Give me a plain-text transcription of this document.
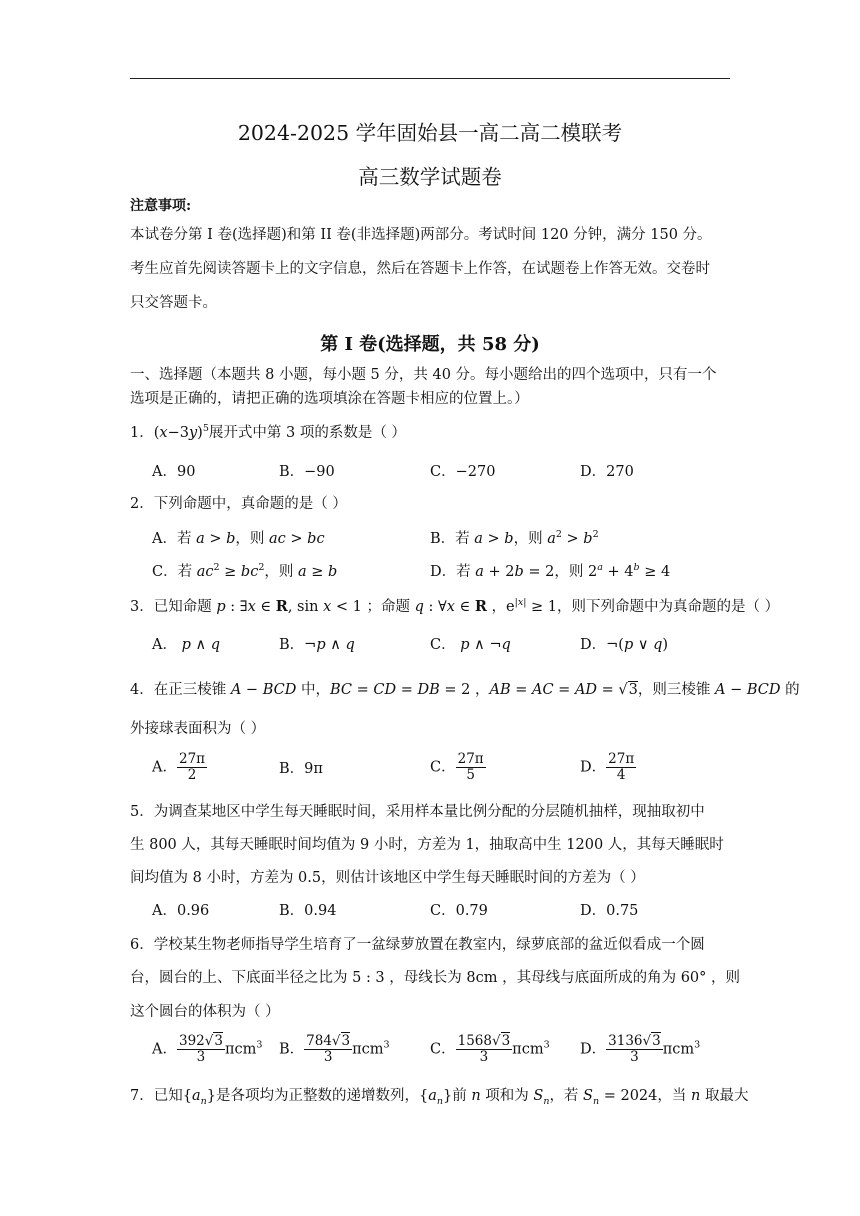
2024-2025 学年固始县一高二高二模联考
高三数学试题卷
注意事项:
本试卷分第 I 卷(选择题)和第 II 卷(非选择题)两部分。考试时间 120 分钟，满分 150 分。
考生应首先阅读答题卡上的文字信息，然后在答题卡上作答，在试题卷上作答无效。交卷时
只交答题卡。
第 I 卷(选择题，共 58 分)
一、选择题（本题共 8 小题，每小题 5 分，共 40 分。每小题给出的四个选项中，只有一个
选项是正确的，请把正确的选项填涂在答题卡相应的位置上。）
1．$(x-3y)^5$展开式中第 3 项的系数是（ ）
A．90	B．−90	C．−270	D．270
2．下列命题中，真命题的是（ ）
A．若 a > b，则 ac > bc	B．若 a > b，则 $a^2 > b^2$
C．若 $ac^2 \ge bc^2$，则 a ≥ b	D．若 a + 2b = 2，则 $2^a + 4^b \ge 4$
3．已知命题 p : ∃x ∈ R, sin x < 1 ；命题 q : ∀x ∈ R ，$e^{|x|} \ge 1$，则下列命题中为真命题的是（ ）
A． p ∧ q	B．¬p ∧ q	C． p ∧ ¬q	D．¬(p ∨ q)
4．在正三棱锥 A − BCD 中，BC = CD = DB = 2 ，AB = AC = AD = √3，则三棱锥 A − BCD 的
外接球表面积为（ ）
A． $\frac{27\pi}{2}$	B．9π	C． $\frac{27\pi}{5}$	D． $\frac{27\pi}{4}$
5．为调查某地区中学生每天睡眠时间，采用样本量比例分配的分层随机抽样，现抽取初中
生 800 人，其每天睡眠时间均值为 9 小时，方差为 1，抽取高中生 1200 人，其每天睡眠时
间均值为 8 小时，方差为 0.5，则估计该地区中学生每天睡眠时间的方差为（ ）
A．0.96	B．0.94	C．0.79	D．0.75
6．学校某生物老师指导学生培育了一盆绿萝放置在教室内，绿萝底部的盆近似看成一个圆
台，圆台的上、下底面半径之比为 5 : 3 ，母线长为 8cm ，其母线与底面所成的角为 60° ，则
这个圆台的体积为（ ）
A． $\frac{392√3}{3} \pi cm^3$ B． $\frac{784√3}{3} \pi cm^3$	C． $\frac{1568√3}{3} \pi cm^3$ D． $\frac{3136√3}{3} \pi cm^3$
7．已知$\{a_n\}$是各项均为正整数的递增数列，$\{a_n\}$前 n 项和为 $S_n$，若 $S_n = 2024$，当 n 取最大
